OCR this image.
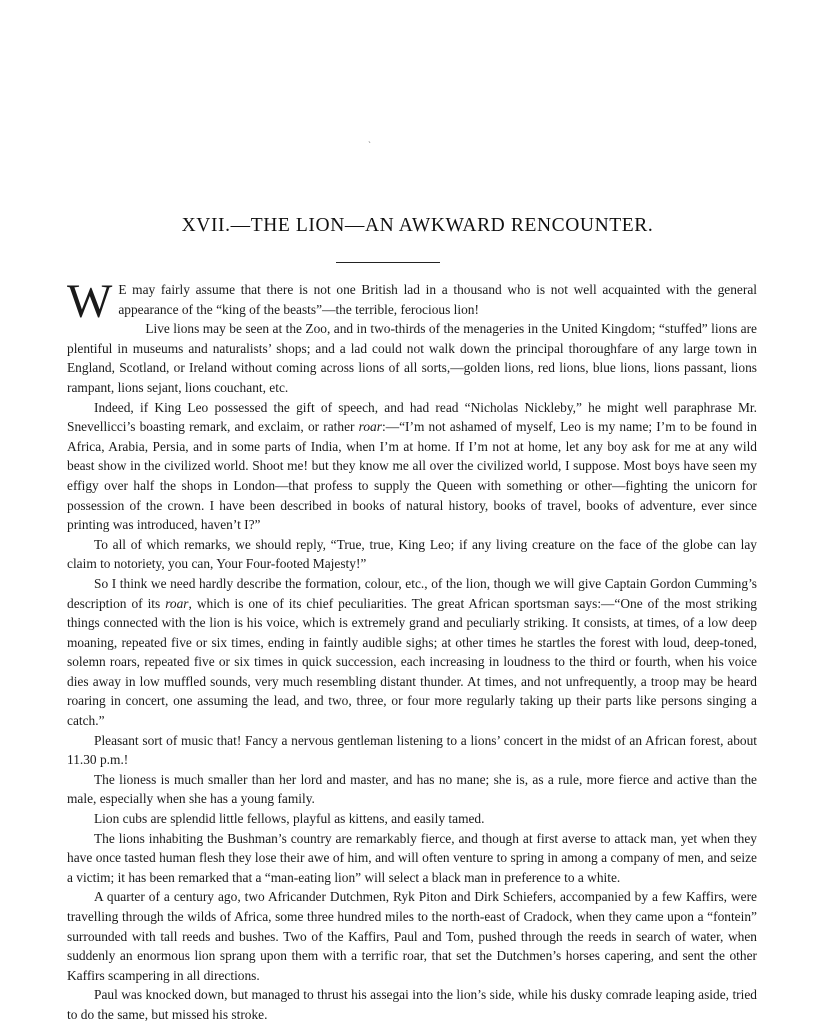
ˎ
XVII.—THE LION—AN AWKWARD RENCOUNTER.

W E may fairly assume that there is not one British lad in a thousand who is not well acquainted with the general appearance of the “king of the beasts”—the terrible, ferocious lion!

Live lions may be seen at the Zoo, and in two-thirds of the menageries in the United Kingdom; “stuffed” lions are plentiful in museums and naturalists’ shops; and a lad could not walk down the principal thoroughfare of any large town in England, Scotland, or Ireland without coming across lions of all sorts,—golden lions, red lions, blue lions, lions passant, lions rampant, lions sejant, lions couchant, etc.

Indeed, if King Leo possessed the gift of speech, and had read “Nicholas Nickleby,” he might well paraphrase Mr. Snevellicci’s boasting remark, and exclaim, or rather roar:—“I’m not ashamed of myself, Leo is my name; I’m to be found in Africa, Arabia, Persia, and in some parts of India, when I’m at home. If I’m not at home, let any boy ask for me at any wild beast show in the civilized world. Shoot me! but they know me all over the civilized world, I suppose. Most boys have seen my effigy over half the shops in London—that profess to supply the Queen with something or other—fighting the unicorn for possession of the crown. I have been described in books of natural history, books of travel, books of adventure, ever since printing was introduced, haven’t I?”

To all of which remarks, we should reply, “True, true, King Leo; if any living creature on the face of the globe can lay claim to notoriety, you can, Your Four-footed Majesty!”

So I think we need hardly describe the formation, colour, etc., of the lion, though we will give Captain Gordon Cumming’s description of its roar, which is one of its chief peculiarities. The great African sportsman says:—“One of the most striking things connected with the lion is his voice, which is extremely grand and peculiarly striking. It consists, at times, of a low deep moaning, repeated five or six times, ending in faintly audible sighs; at other times he startles the forest with loud, deep-toned, solemn roars, repeated five or six times in quick succession, each increasing in loudness to the third or fourth, when his voice dies away in low muffled sounds, very much resembling distant thunder. At times, and not unfrequently, a troop may be heard roaring in concert, one assuming the lead, and two, three, or four more regularly taking up their parts like persons singing a catch.”

Pleasant sort of music that! Fancy a nervous gentleman listening to a lions’ concert in the midst of an African forest, about 11.30 p.m.!

The lioness is much smaller than her lord and master, and has no mane; she is, as a rule, more fierce and active than the male, especially when she has a young family.

Lion cubs are splendid little fellows, playful as kittens, and easily tamed.

The lions inhabiting the Bushman’s country are remarkably fierce, and though at first averse to attack man, yet when they have once tasted human flesh they lose their awe of him, and will often venture to spring in among a company of men, and seize a victim; it has been remarked that a “man-eating lion” will select a black man in preference to a white.

A quarter of a century ago, two Africander Dutchmen, Ryk Piton and Dirk Schiefers, accompanied by a few Kaffirs, were travelling through the wilds of Africa, some three hundred miles to the north-east of Cradock, when they came upon a “fontein” surrounded with tall reeds and bushes. Two of the Kaffirs, Paul and Tom, pushed through the reeds in search of water, when suddenly an enormous lion sprang upon them with a terrific roar, that set the Dutchmen’s horses capering, and sent the other Kaffirs scampering in all directions.

Paul was knocked down, but managed to thrust his assegai into the lion’s side, while his dusky comrade leaping aside, tried to do the same, but missed his stroke.
